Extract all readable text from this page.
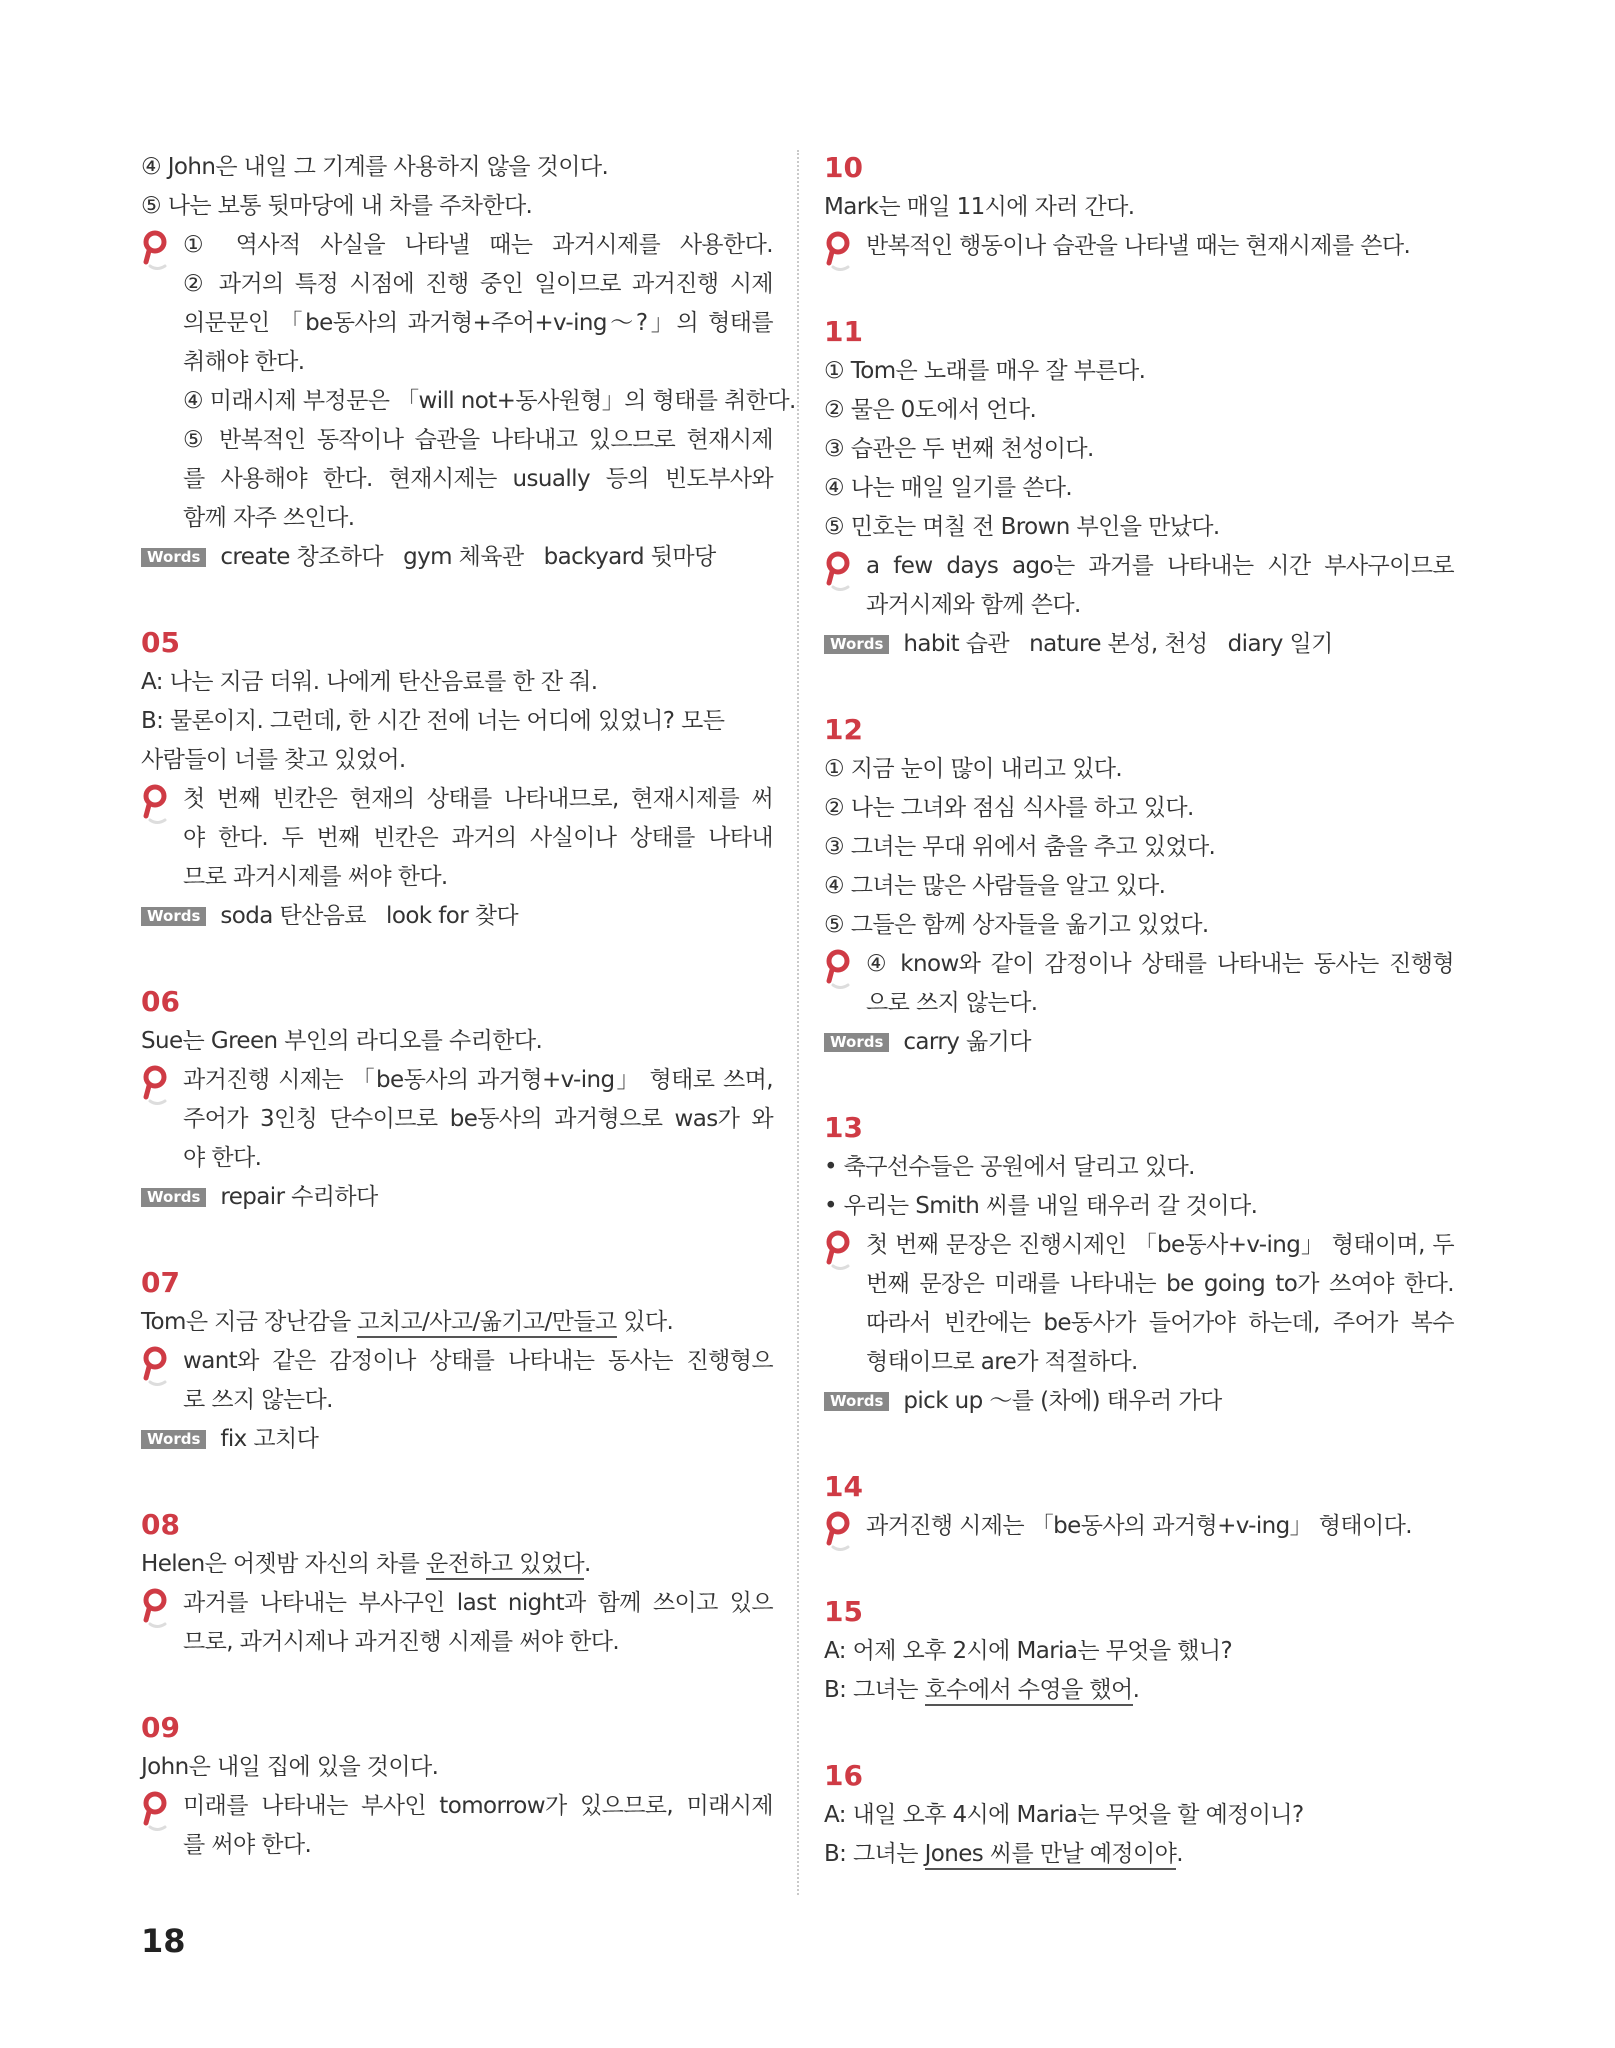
④ John은 내일 그 기계를 사용하지 않을 것이다.
⑤ 나는 보통 뒷마당에 내 차를 주차한다.
① 역사적 사실을 나타낼 때는 과거시제를 사용한다.
② 과거의 특정 시점에 진행 중인 일이므로 과거진행 시제
의문문인 「be동사의 과거형+주어+v-ing～?」의 형태를
취해야 한다.
④ 미래시제 부정문은 「will not+동사원형」의 형태를 취한다.
⑤ 반복적인 동작이나 습관을 나타내고 있으므로 현재시제
를 사용해야 한다. 현재시제는 usually 등의 빈도부사와
함께 자주 쓰인다.
Words create 창조하다   gym 체육관   backyard 뒷마당
05
A: 나는 지금 더워. 나에게 탄산음료를 한 잔 줘.
B: 물론이지. 그런데, 한 시간 전에 너는 어디에 있었니? 모든
사람들이 너를 찾고 있었어.
첫 번째 빈칸은 현재의 상태를 나타내므로, 현재시제를 써
야 한다. 두 번째 빈칸은 과거의 사실이나 상태를 나타내
므로 과거시제를 써야 한다.
Words soda 탄산음료   look for 찾다
06
Sue는 Green 부인의 라디오를 수리한다.
과거진행 시제는 「be동사의 과거형+v-ing」 형태로 쓰며,
주어가 3인칭 단수이므로 be동사의 과거형으로 was가 와
야 한다.
Words repair 수리하다
07
Tom은 지금 장난감을 고치고/사고/옮기고/만들고 있다.
want와 같은 감정이나 상태를 나타내는 동사는 진행형으
로 쓰지 않는다.
Words fix 고치다
08
Helen은 어젯밤 자신의 차를 운전하고 있었다.
과거를 나타내는 부사구인 last night과 함께 쓰이고 있으
므로, 과거시제나 과거진행 시제를 써야 한다.
09
John은 내일 집에 있을 것이다.
미래를 나타내는 부사인 tomorrow가 있으므로, 미래시제
를 써야 한다.
10
Mark는 매일 11시에 자러 간다.
반복적인 행동이나 습관을 나타낼 때는 현재시제를 쓴다.
11
① Tom은 노래를 매우 잘 부른다.
② 물은 0도에서 언다.
③ 습관은 두 번째 천성이다.
④ 나는 매일 일기를 쓴다.
⑤ 민호는 며칠 전 Brown 부인을 만났다.
a few days ago는 과거를 나타내는 시간 부사구이므로
과거시제와 함께 쓴다.
Words habit 습관   nature 본성, 천성   diary 일기
12
① 지금 눈이 많이 내리고 있다.
② 나는 그녀와 점심 식사를 하고 있다.
③ 그녀는 무대 위에서 춤을 추고 있었다.
④ 그녀는 많은 사람들을 알고 있다.
⑤ 그들은 함께 상자들을 옮기고 있었다.
④ know와 같이 감정이나 상태를 나타내는 동사는 진행형
으로 쓰지 않는다.
Words carry 옮기다
13
• 축구선수들은 공원에서 달리고 있다.
• 우리는 Smith 씨를 내일 태우러 갈 것이다.
첫 번째 문장은 진행시제인 「be동사+v-ing」 형태이며, 두
번째 문장은 미래를 나타내는 be going to가 쓰여야 한다.
따라서 빈칸에는 be동사가 들어가야 하는데, 주어가 복수
형태이므로 are가 적절하다.
Words pick up ～를 (차에) 태우러 가다
14
과거진행 시제는 「be동사의 과거형+v-ing」 형태이다.
15
A: 어제 오후 2시에 Maria는 무엇을 했니?
B: 그녀는 호수에서 수영을 했어.
16
A: 내일 오후 4시에 Maria는 무엇을 할 예정이니?
B: 그녀는 Jones 씨를 만날 예정이야.
18
